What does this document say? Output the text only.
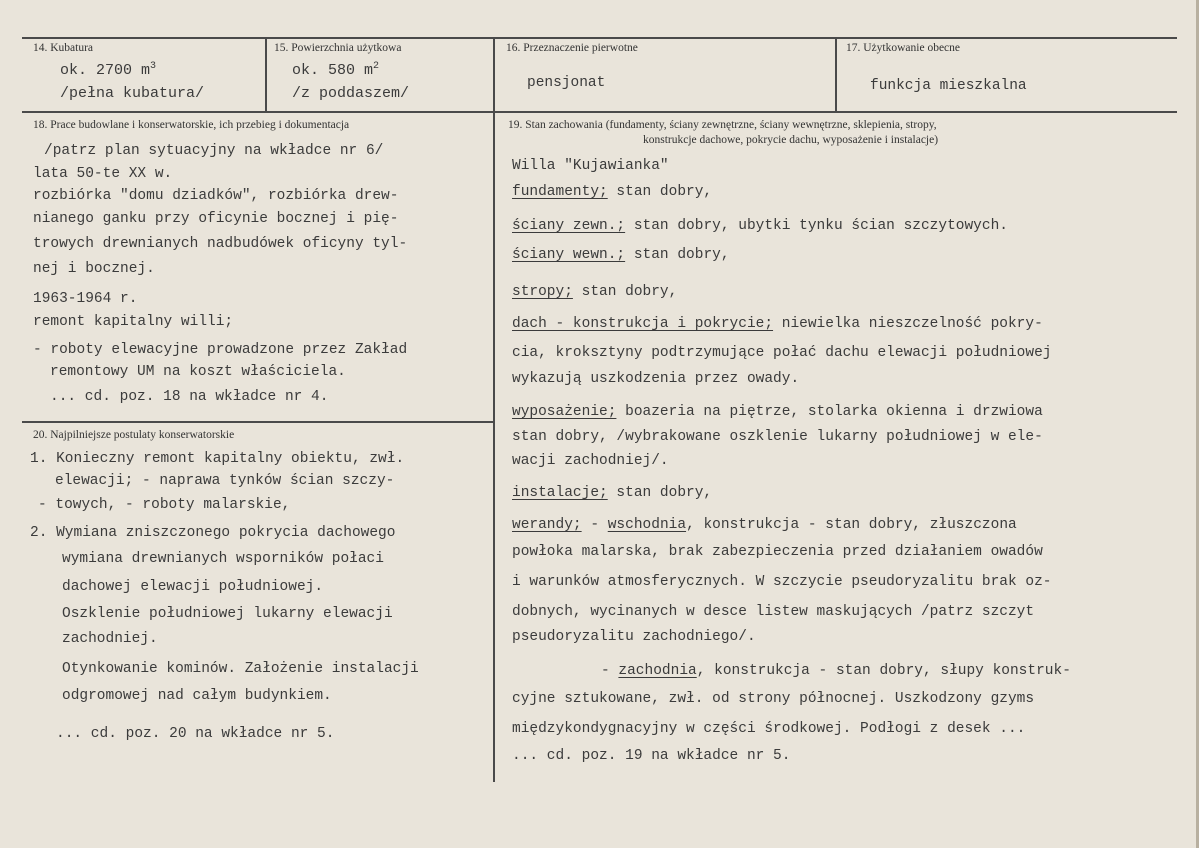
14. Kubatura
ok. 2700 $m^3$
/pełna kubatura/
15. Powierzchnia użytkowa
ok. 580 $m^2$
/z poddaszem/
16. Przeznaczenie pierwotne
pensjonat
17. Użytkowanie obecne
funkcja mieszkalna
18. Prace budowlane i konserwatorskie, ich przebieg i dokumentacja
/patrz plan sytuacyjny na wkładce nr 6/
lata 50-te XX w.
rozbiórka "domu dziadków", rozbiórka drew-
nianego ganku przy oficynie bocznej i pię-
trowych drewnianych nadbudówek oficyny tyl-
nej i bocznej.
1963-1964 r.
remont kapitalny willi;
- roboty elewacyjne prowadzone przez Zakład
remontowy UM na koszt właściciela.
... cd. poz. 18 na wkładce nr 4.
20. Najpilniejsze postulaty konserwatorskie
1. Konieczny remont kapitalny obiektu, zwł.
elewacji; - naprawa tynków ścian szczy-
- towych, - roboty malarskie,
2. Wymiana zniszczonego pokrycia dachowego
wymiana drewnianych wsporników połaci
dachowej elewacji południowej.
Oszklenie południowej lukarny elewacji
zachodniej.
Otynkowanie kominów. Założenie instalacji
odgromowej nad całym budynkiem.
... cd. poz. 20 na wkładce nr 5.
19. Stan zachowania (fundamenty, ściany zewnętrzne, ściany wewnętrzne, sklepienia, stropy,
konstrukcje dachowe, pokrycie dachu, wyposażenie i instalacje)
Willa "Kujawianka"
fundamenty; stan dobry,
ściany zewn.; stan dobry, ubytki tynku ścian szczytowych.
ściany wewn.; stan dobry,
stropy; stan dobry,
dach - konstrukcja i pokrycie; niewielka nieszczelność pokry-
cia, kroksztyny podtrzymujące połać dachu elewacji południowej
wykazują uszkodzenia przez owady.
wyposażenie; boazeria na piętrze, stolarka okienna i drzwiowa
stan dobry, /wybrakowane oszklenie lukarny południowej w ele-
wacji zachodniej/.
instalacje; stan dobry,
werandy; - wschodnia, konstrukcja - stan dobry, złuszczona
powłoka malarska, brak zabezpieczenia przed działaniem owadów
i warunków atmosferycznych. W szczycie pseudoryzalitu brak oz-
dobnych, wycinanych w desce listew maskujących /patrz szczyt
pseudoryzalitu zachodniego/.
- zachodnia, konstrukcja - stan dobry, słupy konstruk-
cyjne sztukowane, zwł. od strony północnej. Uszkodzony gzyms
międzykondygnacyjny w części środkowej. Podłogi z desek ...
... cd. poz. 19 na wkładce nr 5.
